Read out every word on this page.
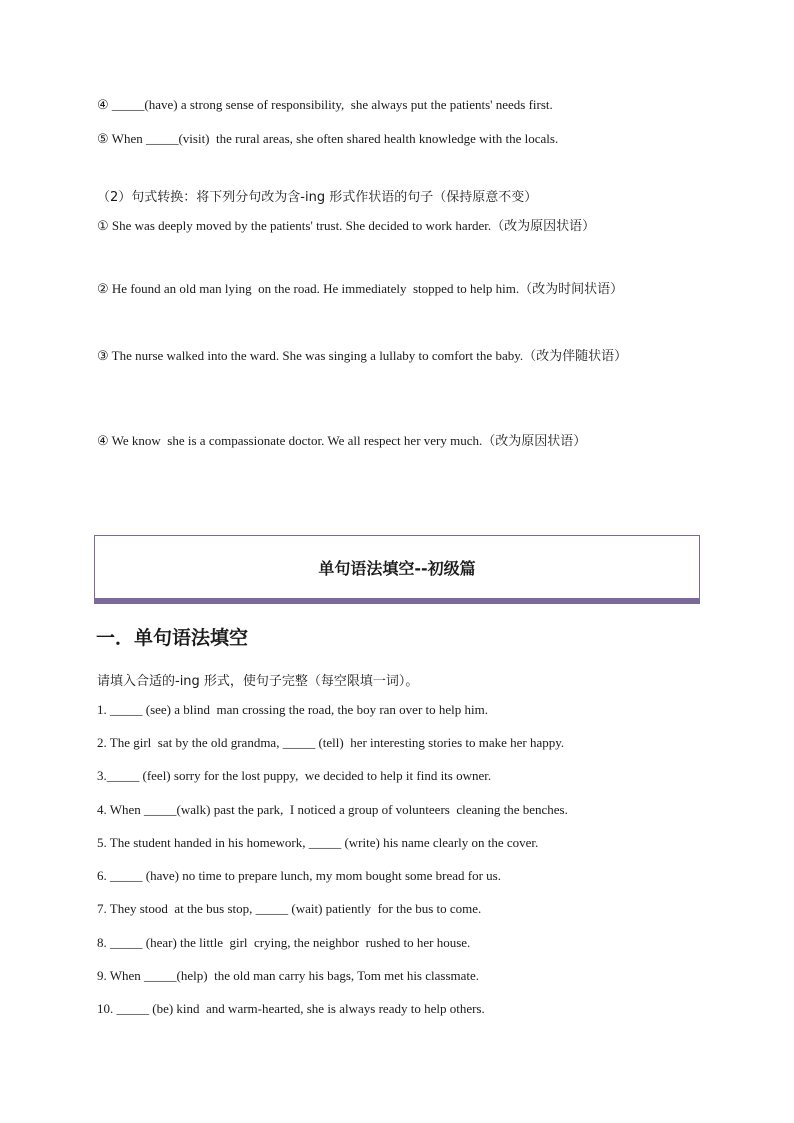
④ _____(have) a strong sense of responsibility,  she always put the patients' needs first.
⑤ When _____(visit)  the rural areas, she often shared health knowledge with the locals.
（2）句式转换：将下列分句改为含-ing 形式作状语的句子（保持原意不变）
① She was deeply moved by the patients' trust. She decided to work harder.（改为原因状语）
② He found an old man lying  on the road. He immediately  stopped to help him.（改为时间状语）
③ The nurse walked into the ward. She was singing a lullaby to comfort the baby.（改为伴随状语）
④ We know  she is a compassionate doctor. We all respect her very much.（改为原因状语）
单句语法填空--初级篇
一．单句语法填空
请填入合适的-ing 形式，使句子完整（每空限填一词）。
1. _____ (see) a blind  man crossing the road, the boy ran over to help him.
2. The girl  sat by the old grandma, _____ (tell)  her interesting stories to make her happy.
3._____ (feel) sorry for the lost puppy,  we decided to help it find its owner.
4. When _____(walk) past the park,  I noticed a group of volunteers  cleaning the benches.
5. The student handed in his homework, _____ (write) his name clearly on the cover.
6. _____ (have) no time to prepare lunch, my mom bought some bread for us.
7. They stood  at the bus stop, _____ (wait) patiently  for the bus to come.
8. _____ (hear) the little  girl  crying, the neighbor  rushed to her house.
9. When _____(help)  the old man carry his bags, Tom met his classmate.
10. _____ (be) kind  and warm-hearted, she is always ready to help others.
